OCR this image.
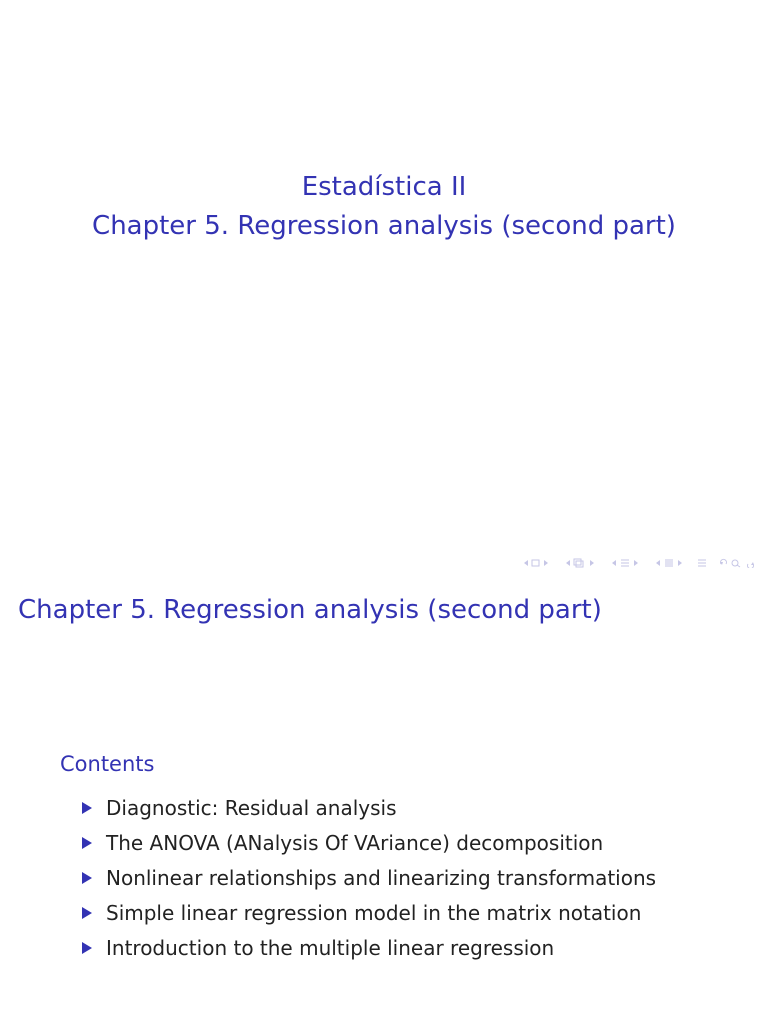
Estadística II
Chapter 5. Regression analysis (second part)
Chapter 5. Regression analysis (second part)
Contents
Diagnostic: Residual analysis
The ANOVA (ANalysis Of VAriance) decomposition
Nonlinear relationships and linearizing transformations
Simple linear regression model in the matrix notation
Introduction to the multiple linear regression
